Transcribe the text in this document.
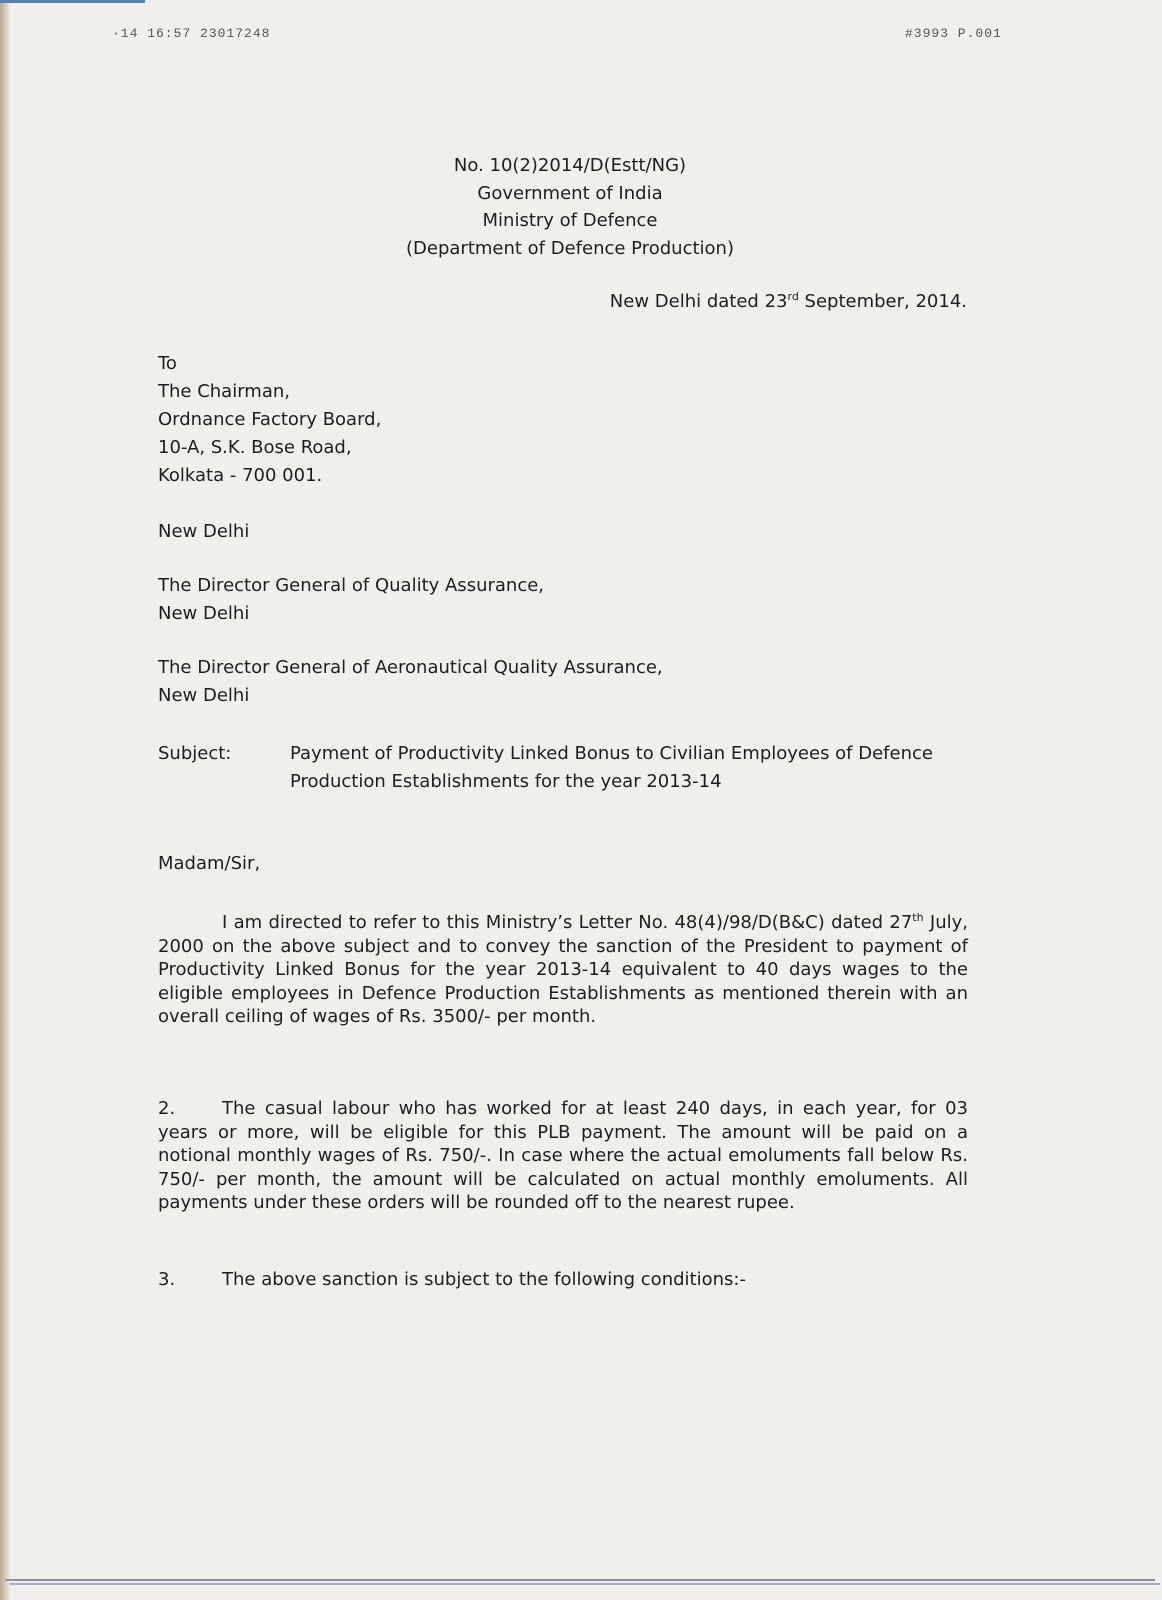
·14 16:57 23017248	#3993 P.001
No. 10(2)2014/D(Estt/NG)
Government of India
Ministry of Defence
(Department of Defence Production)
New Delhi dated 23rd September, 2014.
To
The Chairman,
Ordnance Factory Board,
10-A, S.K. Bose Road,
Kolkata - 700 001.
New Delhi
The Director General of Quality Assurance,
New Delhi
The Director General of Aeronautical Quality Assurance,
New Delhi
Subject:	Payment of Productivity Linked Bonus to Civilian Employees of Defence Production Establishments for the year 2013-14
Madam/Sir,

I am directed to refer to this Ministry’s Letter No. 48(4)/98/D(B&C) dated 27th July, 2000 on the above subject and to convey the sanction of the President to payment of Productivity Linked Bonus for the year 2013-14 equivalent to 40 days wages to the eligible employees in Defence Production Establishments as mentioned therein with an overall ceiling of wages of Rs. 3500/- per month.

2.	The casual labour who has worked for at least 240 days, in each year, for 03 years or more, will be eligible for this PLB payment. The amount will be paid on a notional monthly wages of Rs. 750/-. In case where the actual emoluments fall below Rs. 750/- per month, the amount will be calculated on actual monthly emoluments. All payments under these orders will be rounded off to the nearest rupee.

3.	The above sanction is subject to the following conditions:-
